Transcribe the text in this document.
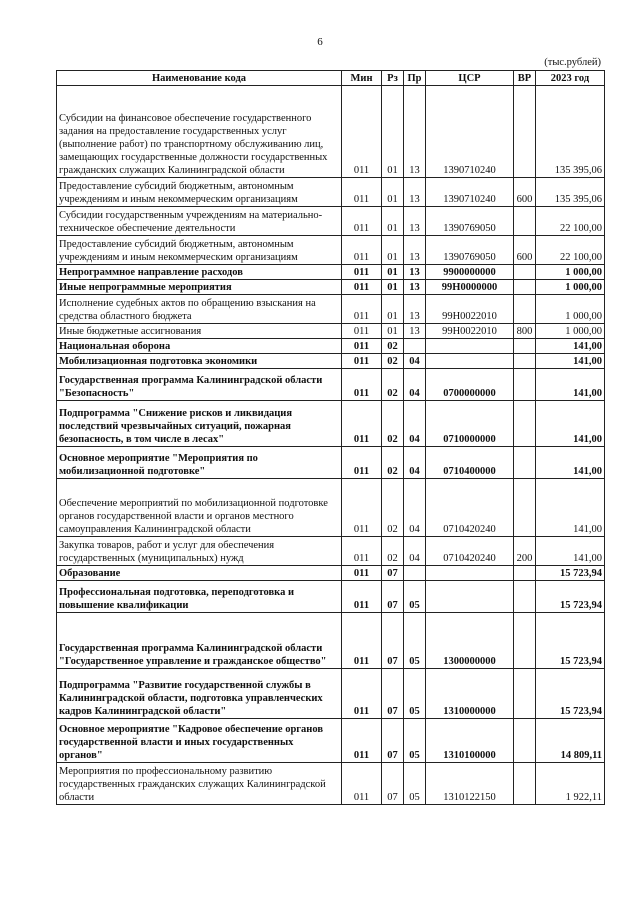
6
(тыс.рублей)
Наименование кода	Мин	Рз	Пр	ЦСР	ВР	2023 год
Субсидии на финансовое обеспечение государственного задания на предоставление государственных услуг (выполнение работ) по транспортному обслуживанию лиц, замещающих государственные должности государственных гражданских служащих Калининградской области	011	01	13	1390710240		135 395,06
Предоставление субсидий бюджетным, автономным учреждениям и иным некоммерческим организациям	011	01	13	1390710240	600	135 395,06
Субсидии государственным учреждениям на материально-техническое обеспечение деятельности	011	01	13	1390769050		22 100,00
Предоставление субсидий бюджетным, автономным учреждениям и иным некоммерческим организациям	011	01	13	1390769050	600	22 100,00
Непрограммное направление расходов	011	01	13	9900000000		1 000,00
Иные непрограммные мероприятия	011	01	13	99Н0000000		1 000,00
Исполнение судебных актов по обращению взыскания на средства областного бюджета	011	01	13	99Н0022010		1 000,00
Иные бюджетные ассигнования	011	01	13	99Н0022010	800	1 000,00
Национальная оборона	011	02				141,00
Мобилизационная подготовка экономики	011	02	04			141,00
Государственная программа Калининградской области "Безопасность"	011	02	04	0700000000		141,00
Подпрограмма "Снижение рисков и ликвидация последствий чрезвычайных ситуаций, пожарная безопасность, в том числе в лесах"	011	02	04	0710000000		141,00
Основное мероприятие "Мероприятия по мобилизационной подготовке"	011	02	04	0710400000		141,00
Обеспечение мероприятий по мобилизационной подготовке органов государственной власти и органов местного самоуправления Калининградской области	011	02	04	0710420240		141,00
Закупка товаров, работ и услуг для обеспечения государственных (муниципальных) нужд	011	02	04	0710420240	200	141,00
Образование	011	07				15 723,94
Профессиональная подготовка, переподготовка и повышение квалификации	011	07	05			15 723,94
Государственная программа Калининградской области "Государственное управление и гражданское общество"	011	07	05	1300000000		15 723,94
Подпрограмма "Развитие государственной службы в Калининградской области, подготовка управленческих кадров Калининградской области"	011	07	05	1310000000		15 723,94
Основное мероприятие "Кадровое обеспечение органов государственной власти и иных государственных органов"	011	07	05	1310100000		14 809,11
Мероприятия по профессиональному развитию государственных гражданских служащих Калининградской области	011	07	05	1310122150		1 922,11
